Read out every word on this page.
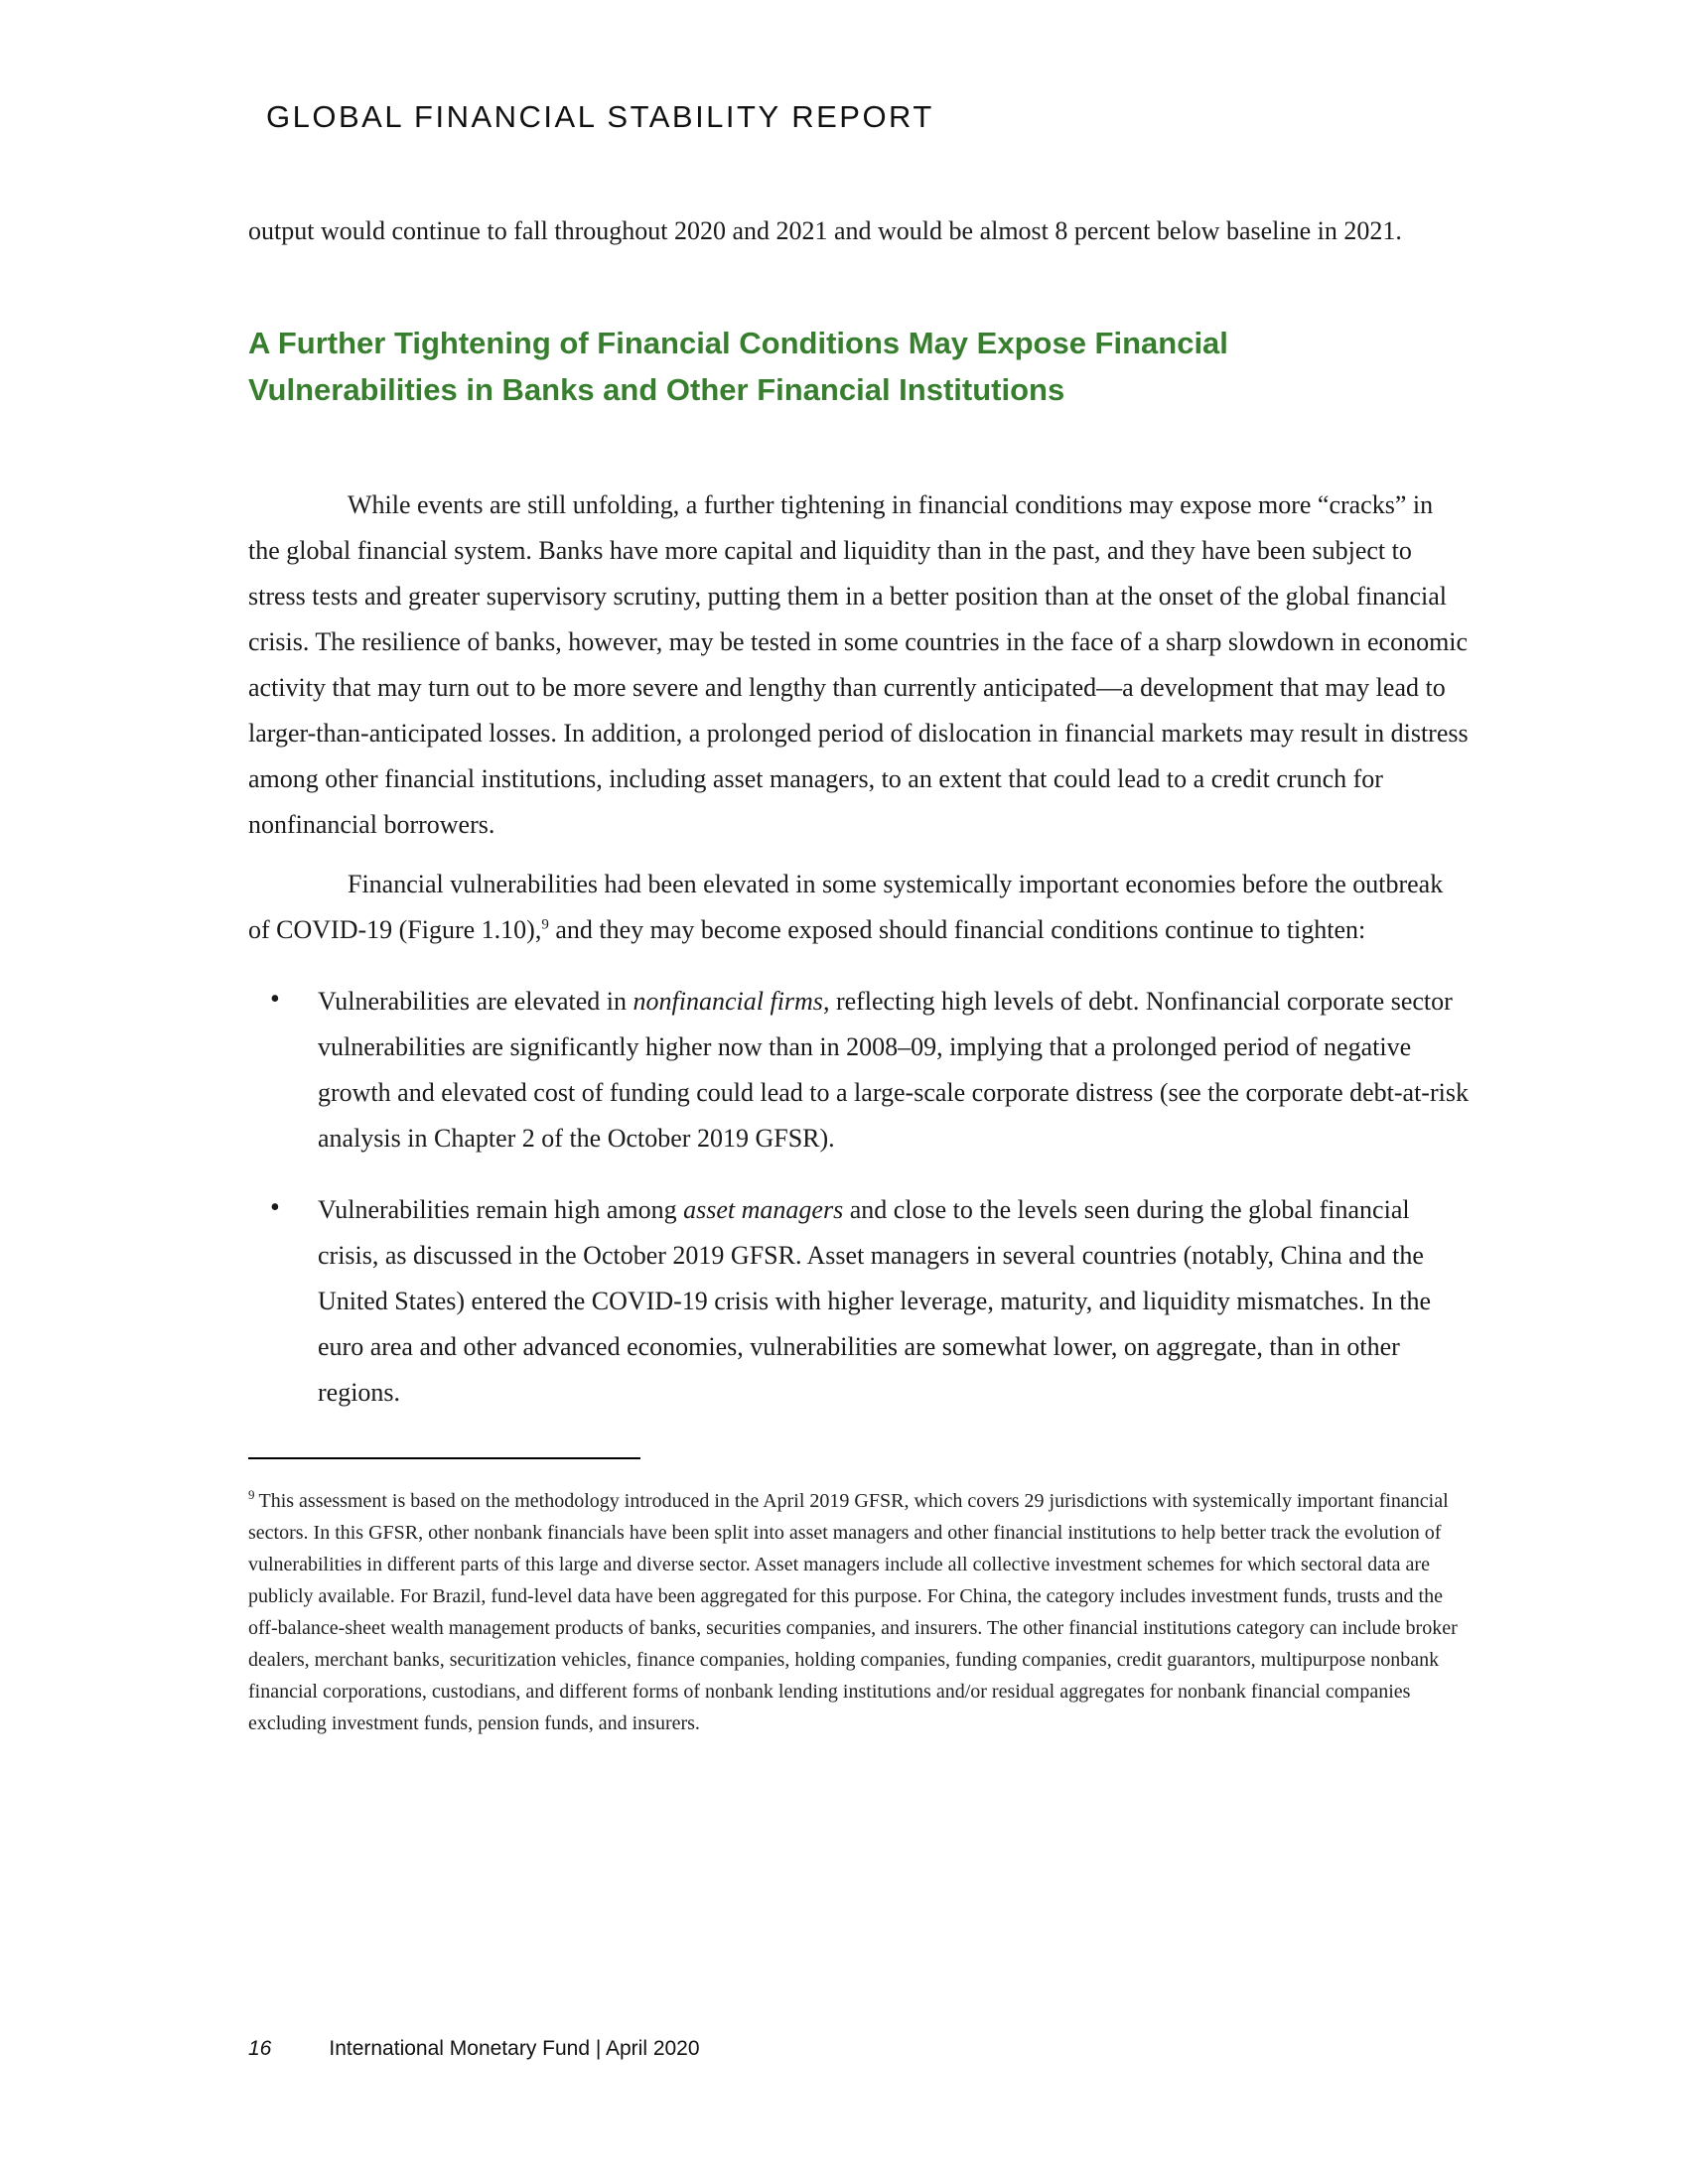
GLOBAL FINANCIAL STABILITY REPORT

output would continue to fall throughout 2020 and 2021 and would be almost 8 percent below baseline in 2021.

A Further Tightening of Financial Conditions May Expose Financial Vulnerabilities in Banks and Other Financial Institutions

While events are still unfolding, a further tightening in financial conditions may expose more “cracks” in the global financial system. Banks have more capital and liquidity than in the past, and they have been subject to stress tests and greater supervisory scrutiny, putting them in a better position than at the onset of the global financial crisis. The resilience of banks, however, may be tested in some countries in the face of a sharp slowdown in economic activity that may turn out to be more severe and lengthy than currently anticipated—a development that may lead to larger-than-anticipated losses. In addition, a prolonged period of dislocation in financial markets may result in distress among other financial institutions, including asset managers, to an extent that could lead to a credit crunch for nonfinancial borrowers.

Financial vulnerabilities had been elevated in some systemically important economies before the outbreak of COVID-19 (Figure 1.10),$^9$ and they may become exposed should financial conditions continue to tighten:

• Vulnerabilities are elevated in nonfinancial firms, reflecting high levels of debt. Nonfinancial corporate sector vulnerabilities are significantly higher now than in 2008–09, implying that a prolonged period of negative growth and elevated cost of funding could lead to a large-scale corporate distress (see the corporate debt-at-risk analysis in Chapter 2 of the October 2019 GFSR).
• Vulnerabilities remain high among asset managers and close to the levels seen during the global financial crisis, as discussed in the October 2019 GFSR. Asset managers in several countries (notably, China and the United States) entered the COVID-19 crisis with higher leverage, maturity, and liquidity mismatches. In the euro area and other advanced economies, vulnerabilities are somewhat lower, on aggregate, than in other regions.

$^9$ This assessment is based on the methodology introduced in the April 2019 GFSR, which covers 29 jurisdictions with systemically important financial sectors. In this GFSR, other nonbank financials have been split into asset managers and other financial institutions to help better track the evolution of vulnerabilities in different parts of this large and diverse sector. Asset managers include all collective investment schemes for which sectoral data are publicly available. For Brazil, fund-level data have been aggregated for this purpose. For China, the category includes investment funds, trusts and the off-balance-sheet wealth management products of banks, securities companies, and insurers. The other financial institutions category can include broker dealers, merchant banks, securitization vehicles, finance companies, holding companies, funding companies, credit guarantors, multipurpose nonbank financial corporations, custodians, and different forms of nonbank lending institutions and/or residual aggregates for nonbank financial companies excluding investment funds, pension funds, and insurers.

16	International Monetary Fund | April 2020
